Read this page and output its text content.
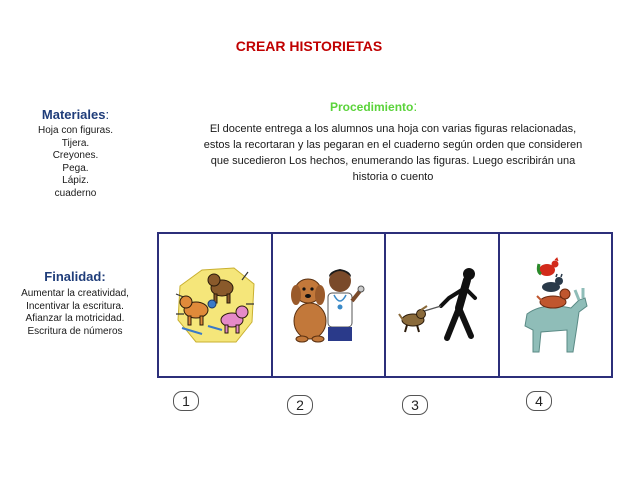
CREAR HISTORIETAS
Materiales:
Hoja con figuras.
Tijera.
Creyones.
Pega.
Lápiz.
cuaderno
Procedimiento:
El docente entrega a los alumnos una hoja con varias figuras relacionadas,
estos la recortaran y las pegaran en el cuaderno según orden que consideren
que sucedieron Los hechos, enumerando las figuras. Luego escribirán una
historia o cuento
Finalidad:
Aumentar la creatividad,
Incentivar la escritura.
Afianzar la motricidad.
Escritura de números
1	2	3	4
